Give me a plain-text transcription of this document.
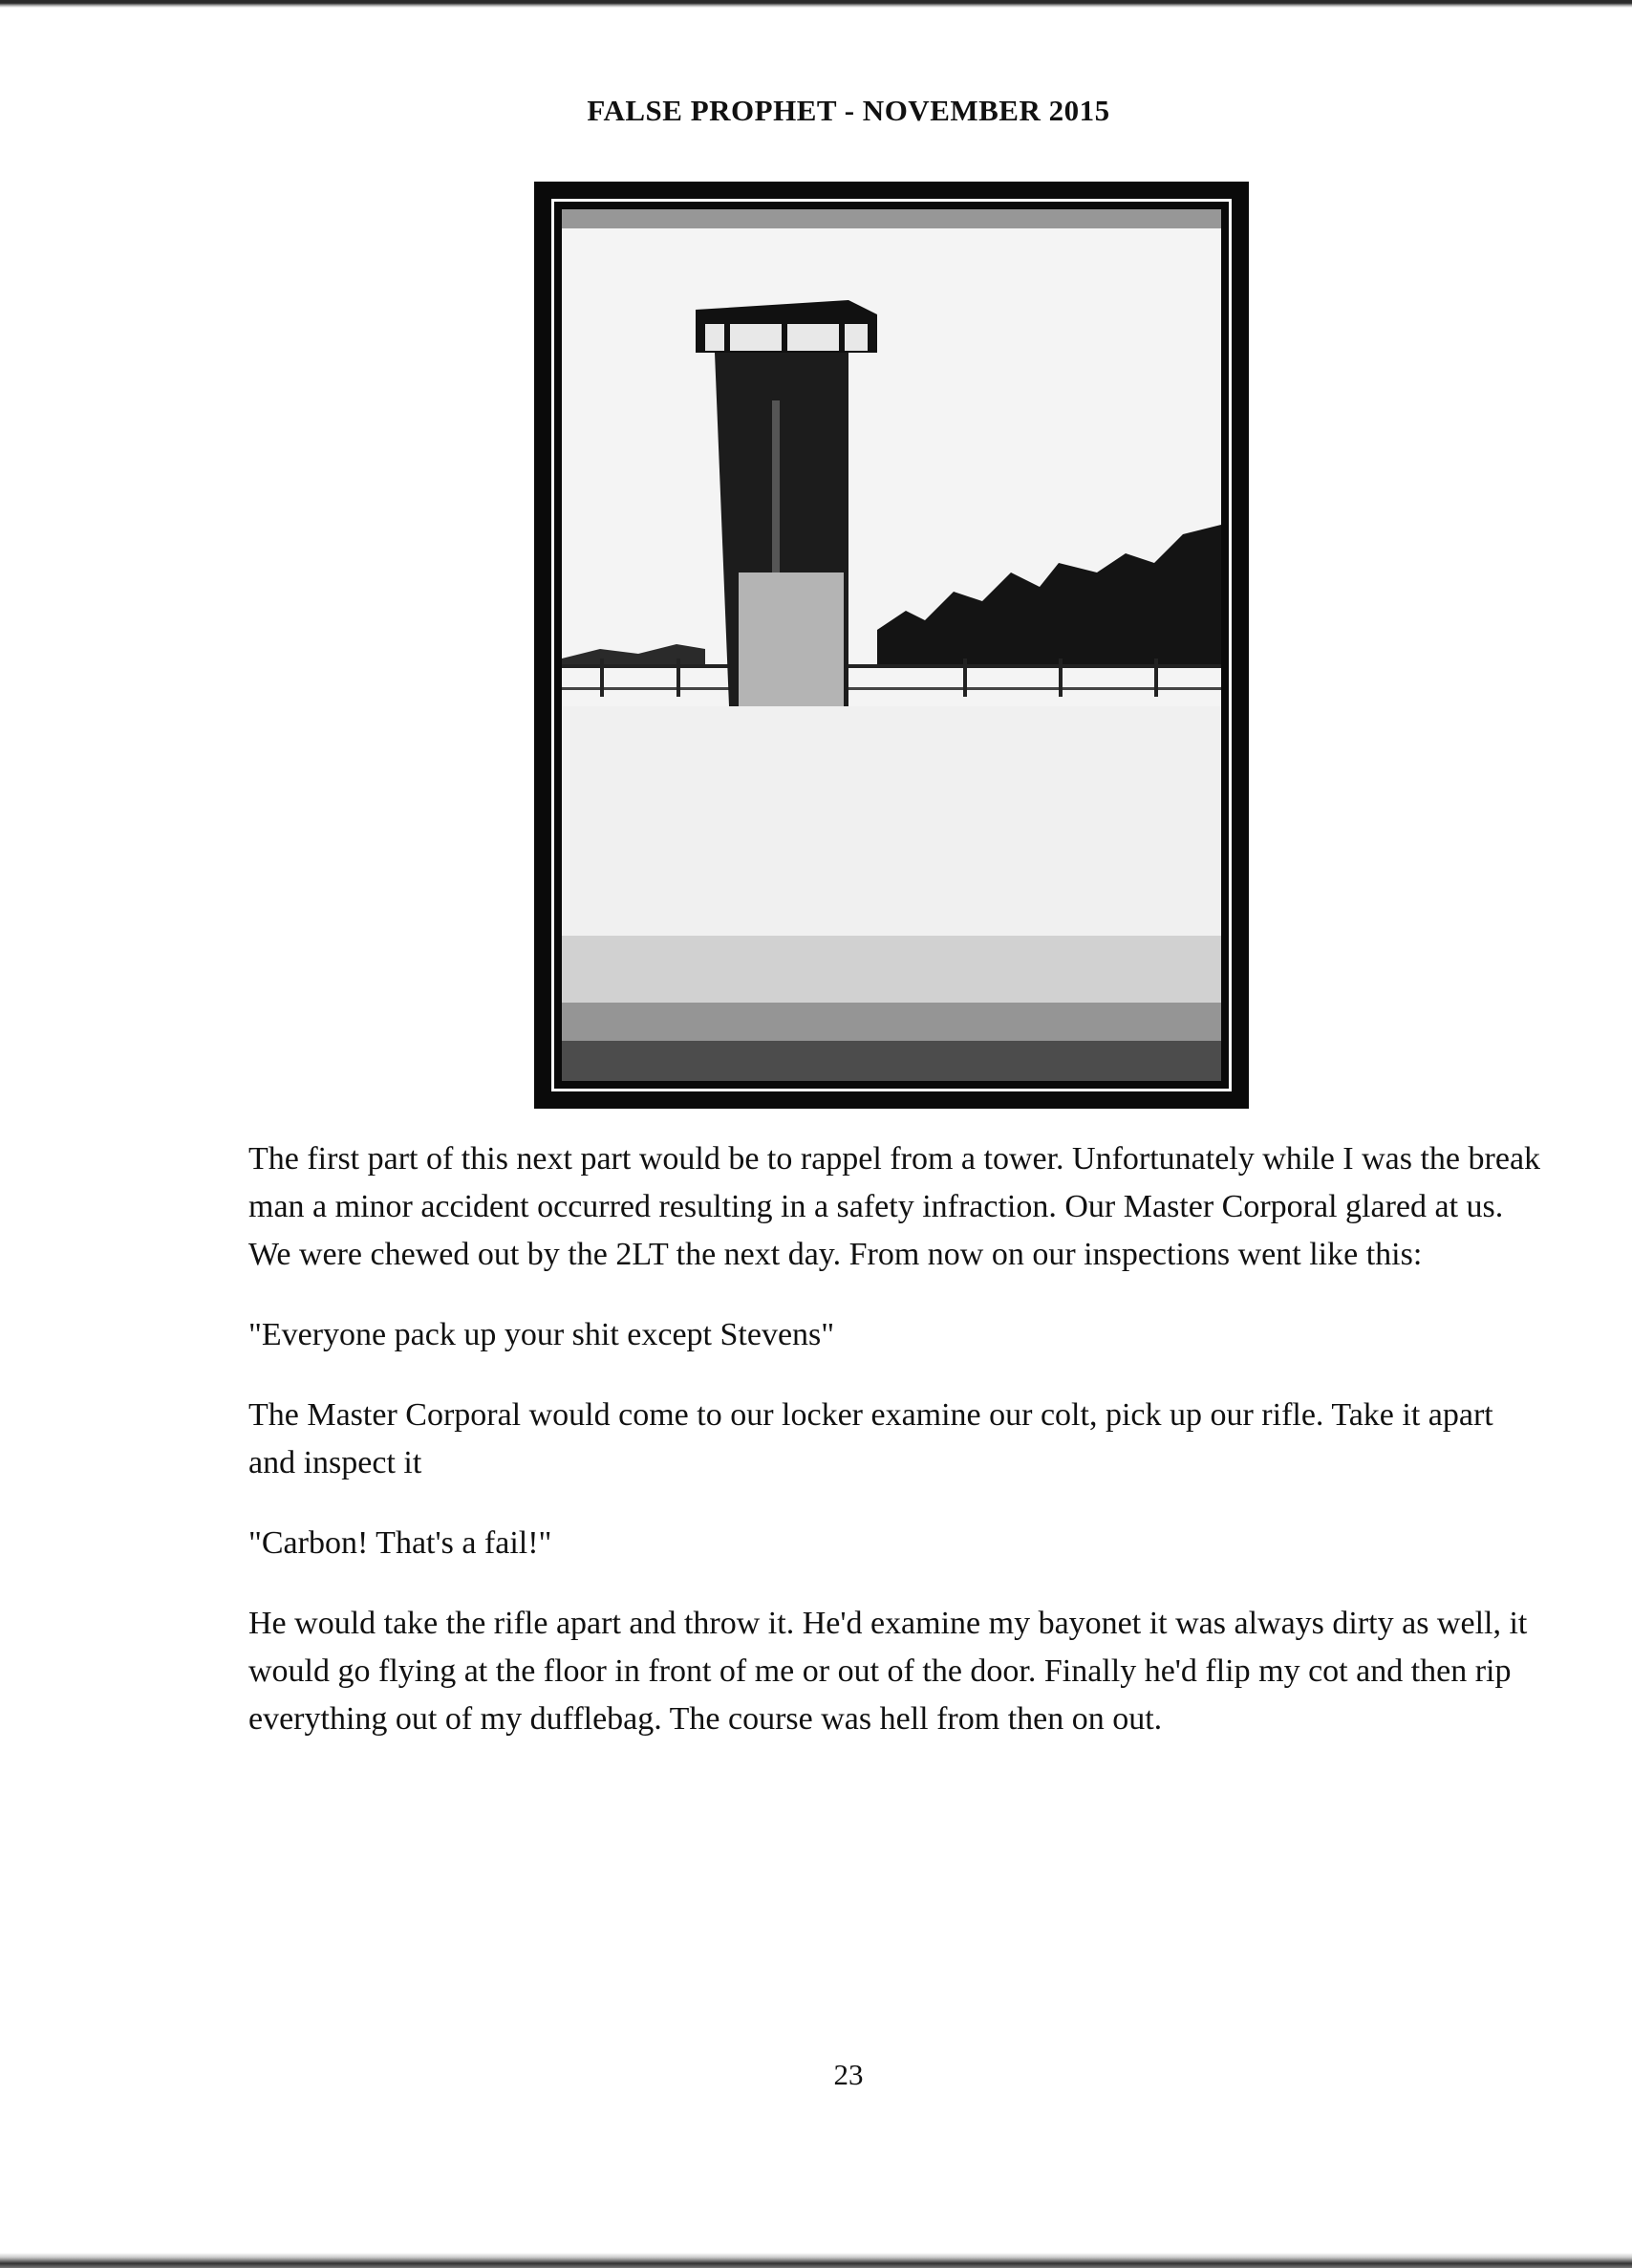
FALSE PROPHET - NOVEMBER 2015

The first part of this next part would be to rappel from a tower. Unfortunately while I was the break man a minor accident occurred resulting in a safety infraction. Our Master Corporal glared at us. We were chewed out by the 2LT the next day. From now on our inspections went like this:

"Everyone pack up your shit except Stevens"

The Master Corporal would come to our locker examine our colt, pick up our rifle. Take it apart and inspect it

"Carbon! That's a fail!"

He would take the rifle apart and throw it. He'd examine my bayonet it was always dirty as well, it would go flying at the floor in front of me or out of the door. Finally he'd flip my cot and then rip everything out of my dufflebag. The course was hell from then on out.

23
